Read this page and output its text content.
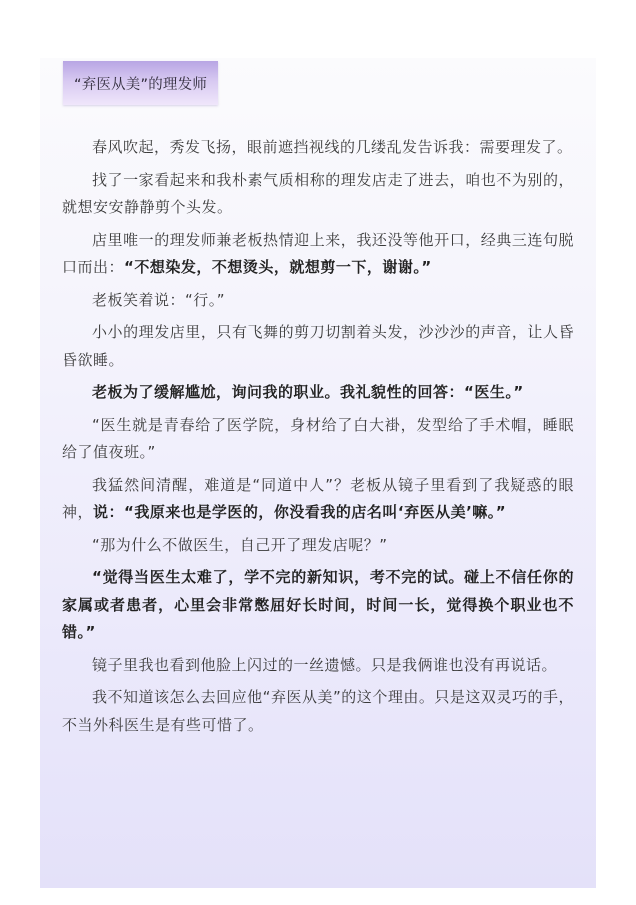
“弃医从美”的理发师

春风吹起，秀发飞扬，眼前遮挡视线的几缕乱发告诉我：需要理发了。

找了一家看起来和我朴素气质相称的理发店走了进去，咱也不为别的，就想安安静静剪个头发。

店里唯一的理发师兼老板热情迎上来，我还没等他开口，经典三连句脱口而出：“不想染发，不想烫头，就想剪一下，谢谢。”

老板笑着说：“行。”

小小的理发店里，只有飞舞的剪刀切割着头发，沙沙沙的声音，让人昏昏欲睡。

老板为了缓解尴尬，询问我的职业。我礼貌性的回答：“医生。”

“医生就是青春给了医学院，身材给了白大褂，发型给了手术帽，睡眠给了值夜班。”

我猛然间清醒，难道是“同道中人”？老板从镜子里看到了我疑惑的眼神，说：“我原来也是学医的，你没看我的店名叫‘弃医从美’嘛。”

“那为什么不做医生，自己开了理发店呢？”

“觉得当医生太难了，学不完的新知识，考不完的试。碰上不信任你的家属或者患者，心里会非常憋屈好长时间，时间一长，觉得换个职业也不错。”

镜子里我也看到他脸上闪过的一丝遗憾。只是我俩谁也没有再说话。

我不知道该怎么去回应他“弃医从美”的这个理由。只是这双灵巧的手，不当外科医生是有些可惜了。
